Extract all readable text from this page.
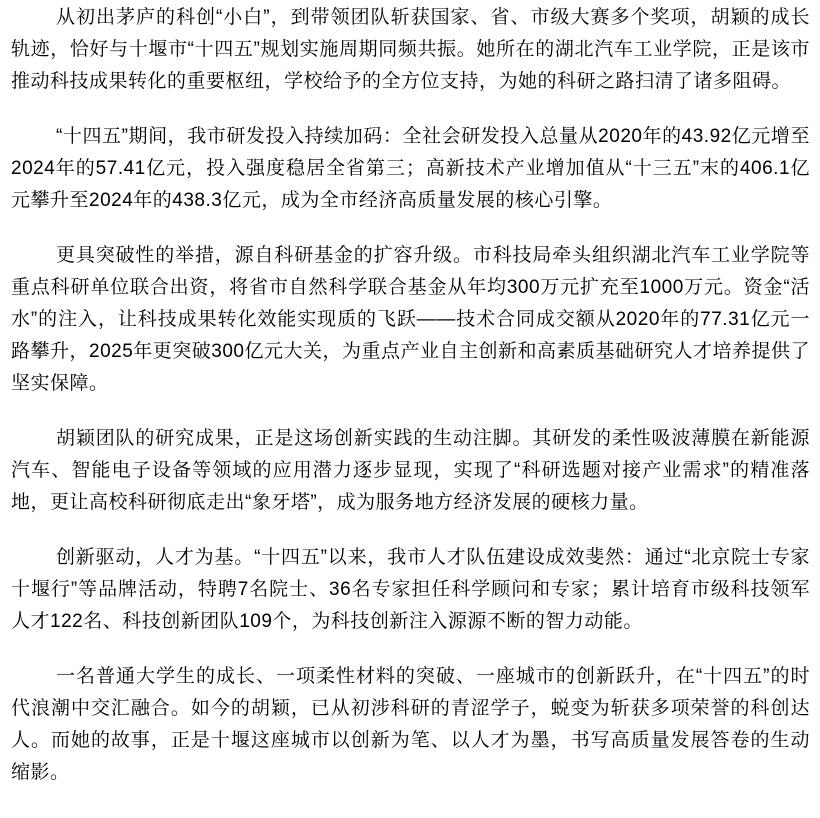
从初出茅庐的科创“小白”，到带领团队斩获国家、省、市级大赛多个奖项，胡颖的成长轨迹，恰好与十堰市“十四五”规划实施周期同频共振。她所在的湖北汽车工业学院，正是该市推动科技成果转化的重要枢纽，学校给予的全方位支持，为她的科研之路扫清了诸多阻碍。

“十四五”期间，我市研发投入持续加码：全社会研发投入总量从2020年的43.92亿元增至2024年的57.41亿元，投入强度稳居全省第三；高新技术产业增加值从“十三五”末的406.1亿元攀升至2024年的438.3亿元，成为全市经济高质量发展的核心引擎。

更具突破性的举措，源自科研基金的扩容升级。市科技局牵头组织湖北汽车工业学院等重点科研单位联合出资，将省市自然科学联合基金从年均300万元扩充至1000万元。资金“活水”的注入，让科技成果转化效能实现质的飞跃——技术合同成交额从2020年的77.31亿元一路攀升，2025年更突破300亿元大关，为重点产业自主创新和高素质基础研究人才培养提供了坚实保障。

胡颖团队的研究成果，正是这场创新实践的生动注脚。其研发的柔性吸波薄膜在新能源汽车、智能电子设备等领域的应用潜力逐步显现，实现了“科研选题对接产业需求”的精准落地，更让高校科研彻底走出“象牙塔”，成为服务地方经济发展的硬核力量。

创新驱动，人才为基。“十四五”以来，我市人才队伍建设成效斐然：通过“北京院士专家十堰行”等品牌活动，特聘7名院士、36名专家担任科学顾问和专家；累计培育市级科技领军人才122名、科技创新团队109个，为科技创新注入源源不断的智力动能。

一名普通大学生的成长、一项柔性材料的突破、一座城市的创新跃升，在“十四五”的时代浪潮中交汇融合。如今的胡颖，已从初涉科研的青涩学子，蜕变为斩获多项荣誉的科创达人。而她的故事，正是十堰这座城市以创新为笔、以人才为墨，书写高质量发展答卷的生动缩影。
